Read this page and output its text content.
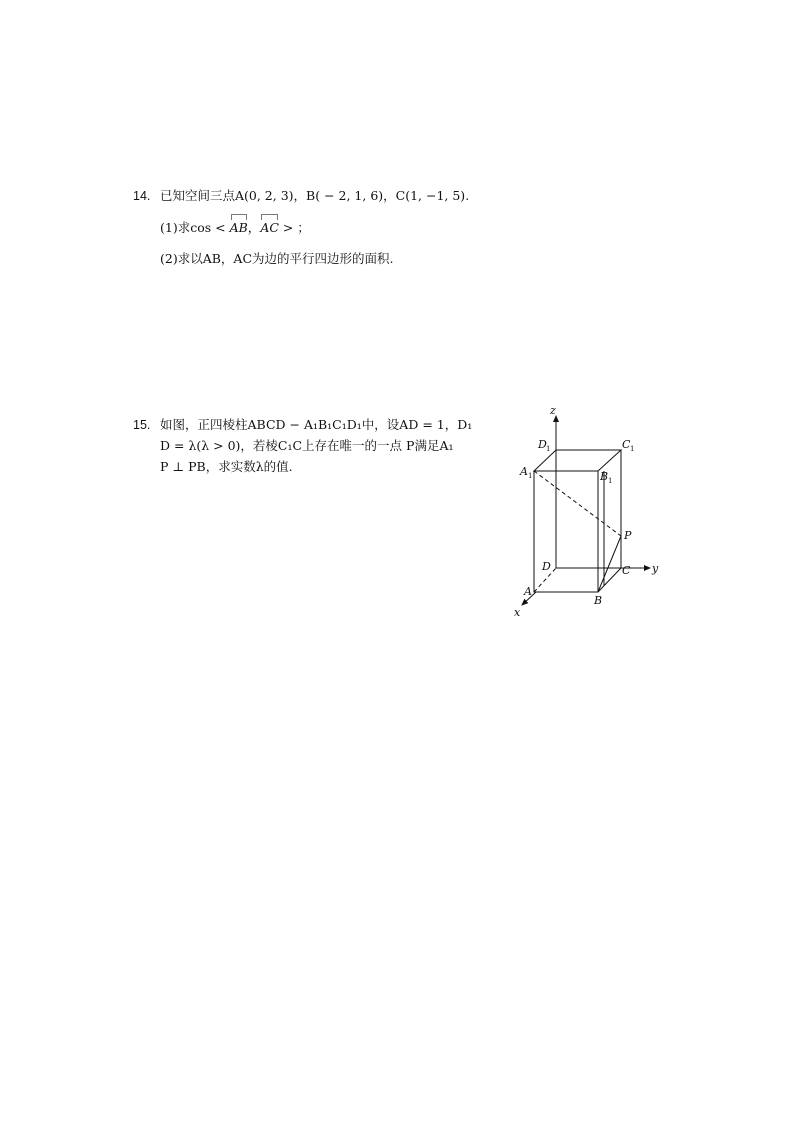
14. 已知空间三点A(0, 2, 3)，B( − 2, 1, 6)，C(1, −1, 5).
(1)求cos < AB，AC > ；
(2)求以AB，AC为边的平行四边形的面积.
15. 如图，正四棱柱ABCD − A₁B₁C₁D₁中，设AD = 1，D₁
D = λ(λ > 0)，若棱C₁C上存在唯一的一点 P满足A₁
P ⊥ PB，求实数λ的值.
z
y
x
D 1	C 1
A 1	B 1
P
D	C
A
B
